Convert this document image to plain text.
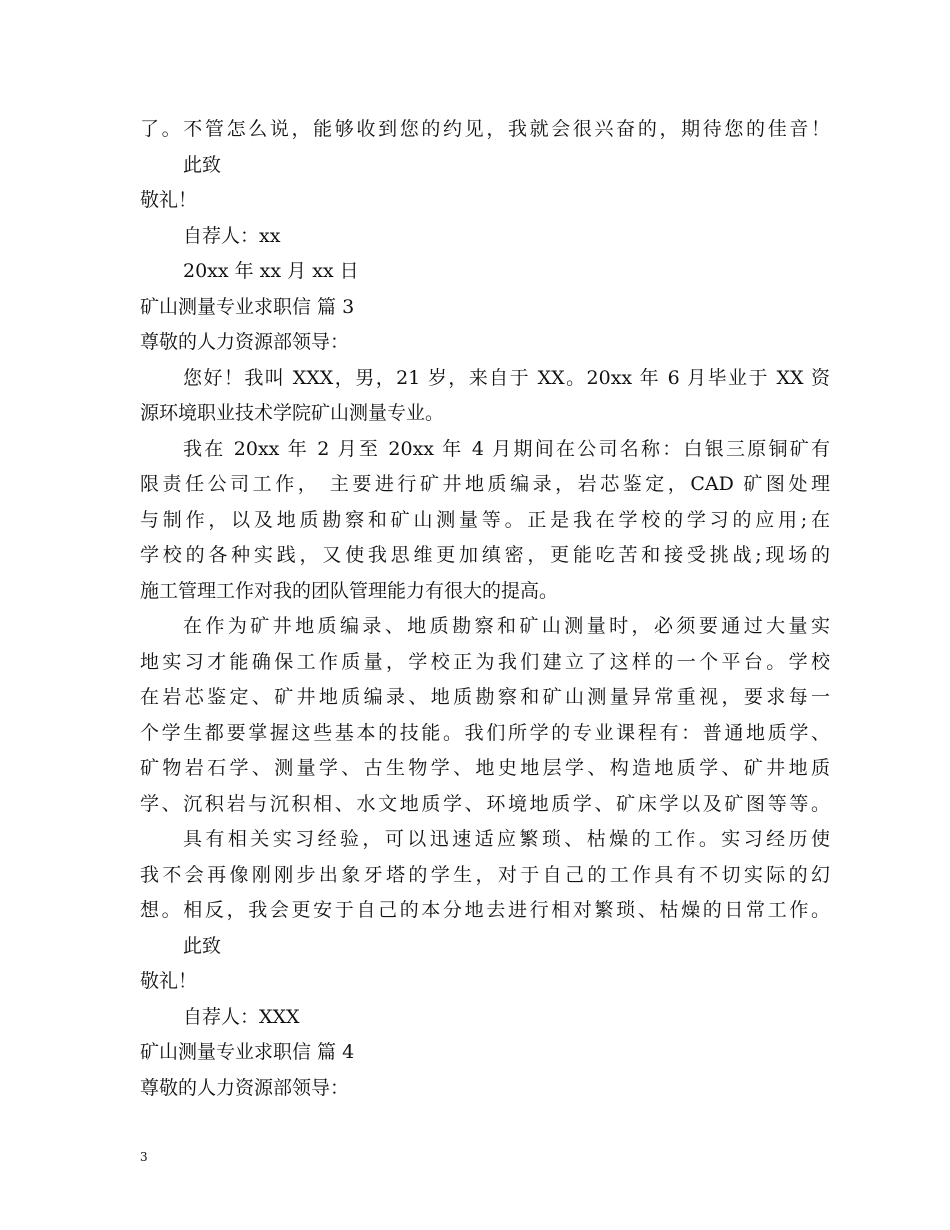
了。不管怎么说，能够收到您的约见，我就会很兴奋的，期待您的佳音！
此致
敬礼！
自荐人：xx
20xx 年 xx 月 xx 日
矿山测量专业求职信 篇 3
尊敬的人力资源部领导：
您好！我叫 XXX，男，21 岁，来自于 XX。20xx 年 6 月毕业于 XX 资
源环境职业技术学院矿山测量专业。
我在 20xx 年 2 月至 20xx 年 4 月期间在公司名称：白银三原铜矿有
限责任公司工作， 主要进行矿井地质编录，岩芯鉴定，CAD 矿图处理
与制作，以及地质勘察和矿山测量等。正是我在学校的学习的应用;在
学校的各种实践，又使我思维更加缜密，更能吃苦和接受挑战;现场的
施工管理工作对我的团队管理能力有很大的提高。
在作为矿井地质编录、地质勘察和矿山测量时，必须要通过大量实
地实习才能确保工作质量，学校正为我们建立了这样的一个平台。学校
在岩芯鉴定、矿井地质编录、地质勘察和矿山测量异常重视，要求每一
个学生都要掌握这些基本的技能。我们所学的专业课程有：普通地质学、
矿物岩石学、测量学、古生物学、地史地层学、构造地质学、矿井地质
学、沉积岩与沉积相、水文地质学、环境地质学、矿床学以及矿图等等。
具有相关实习经验，可以迅速适应繁琐、枯燥的工作。实习经历使
我不会再像刚刚步出象牙塔的学生，对于自己的工作具有不切实际的幻
想。相反，我会更安于自己的本分地去进行相对繁琐、枯燥的日常工作。
此致
敬礼！
自荐人：XXX
矿山测量专业求职信 篇 4
尊敬的人力资源部领导：
3
